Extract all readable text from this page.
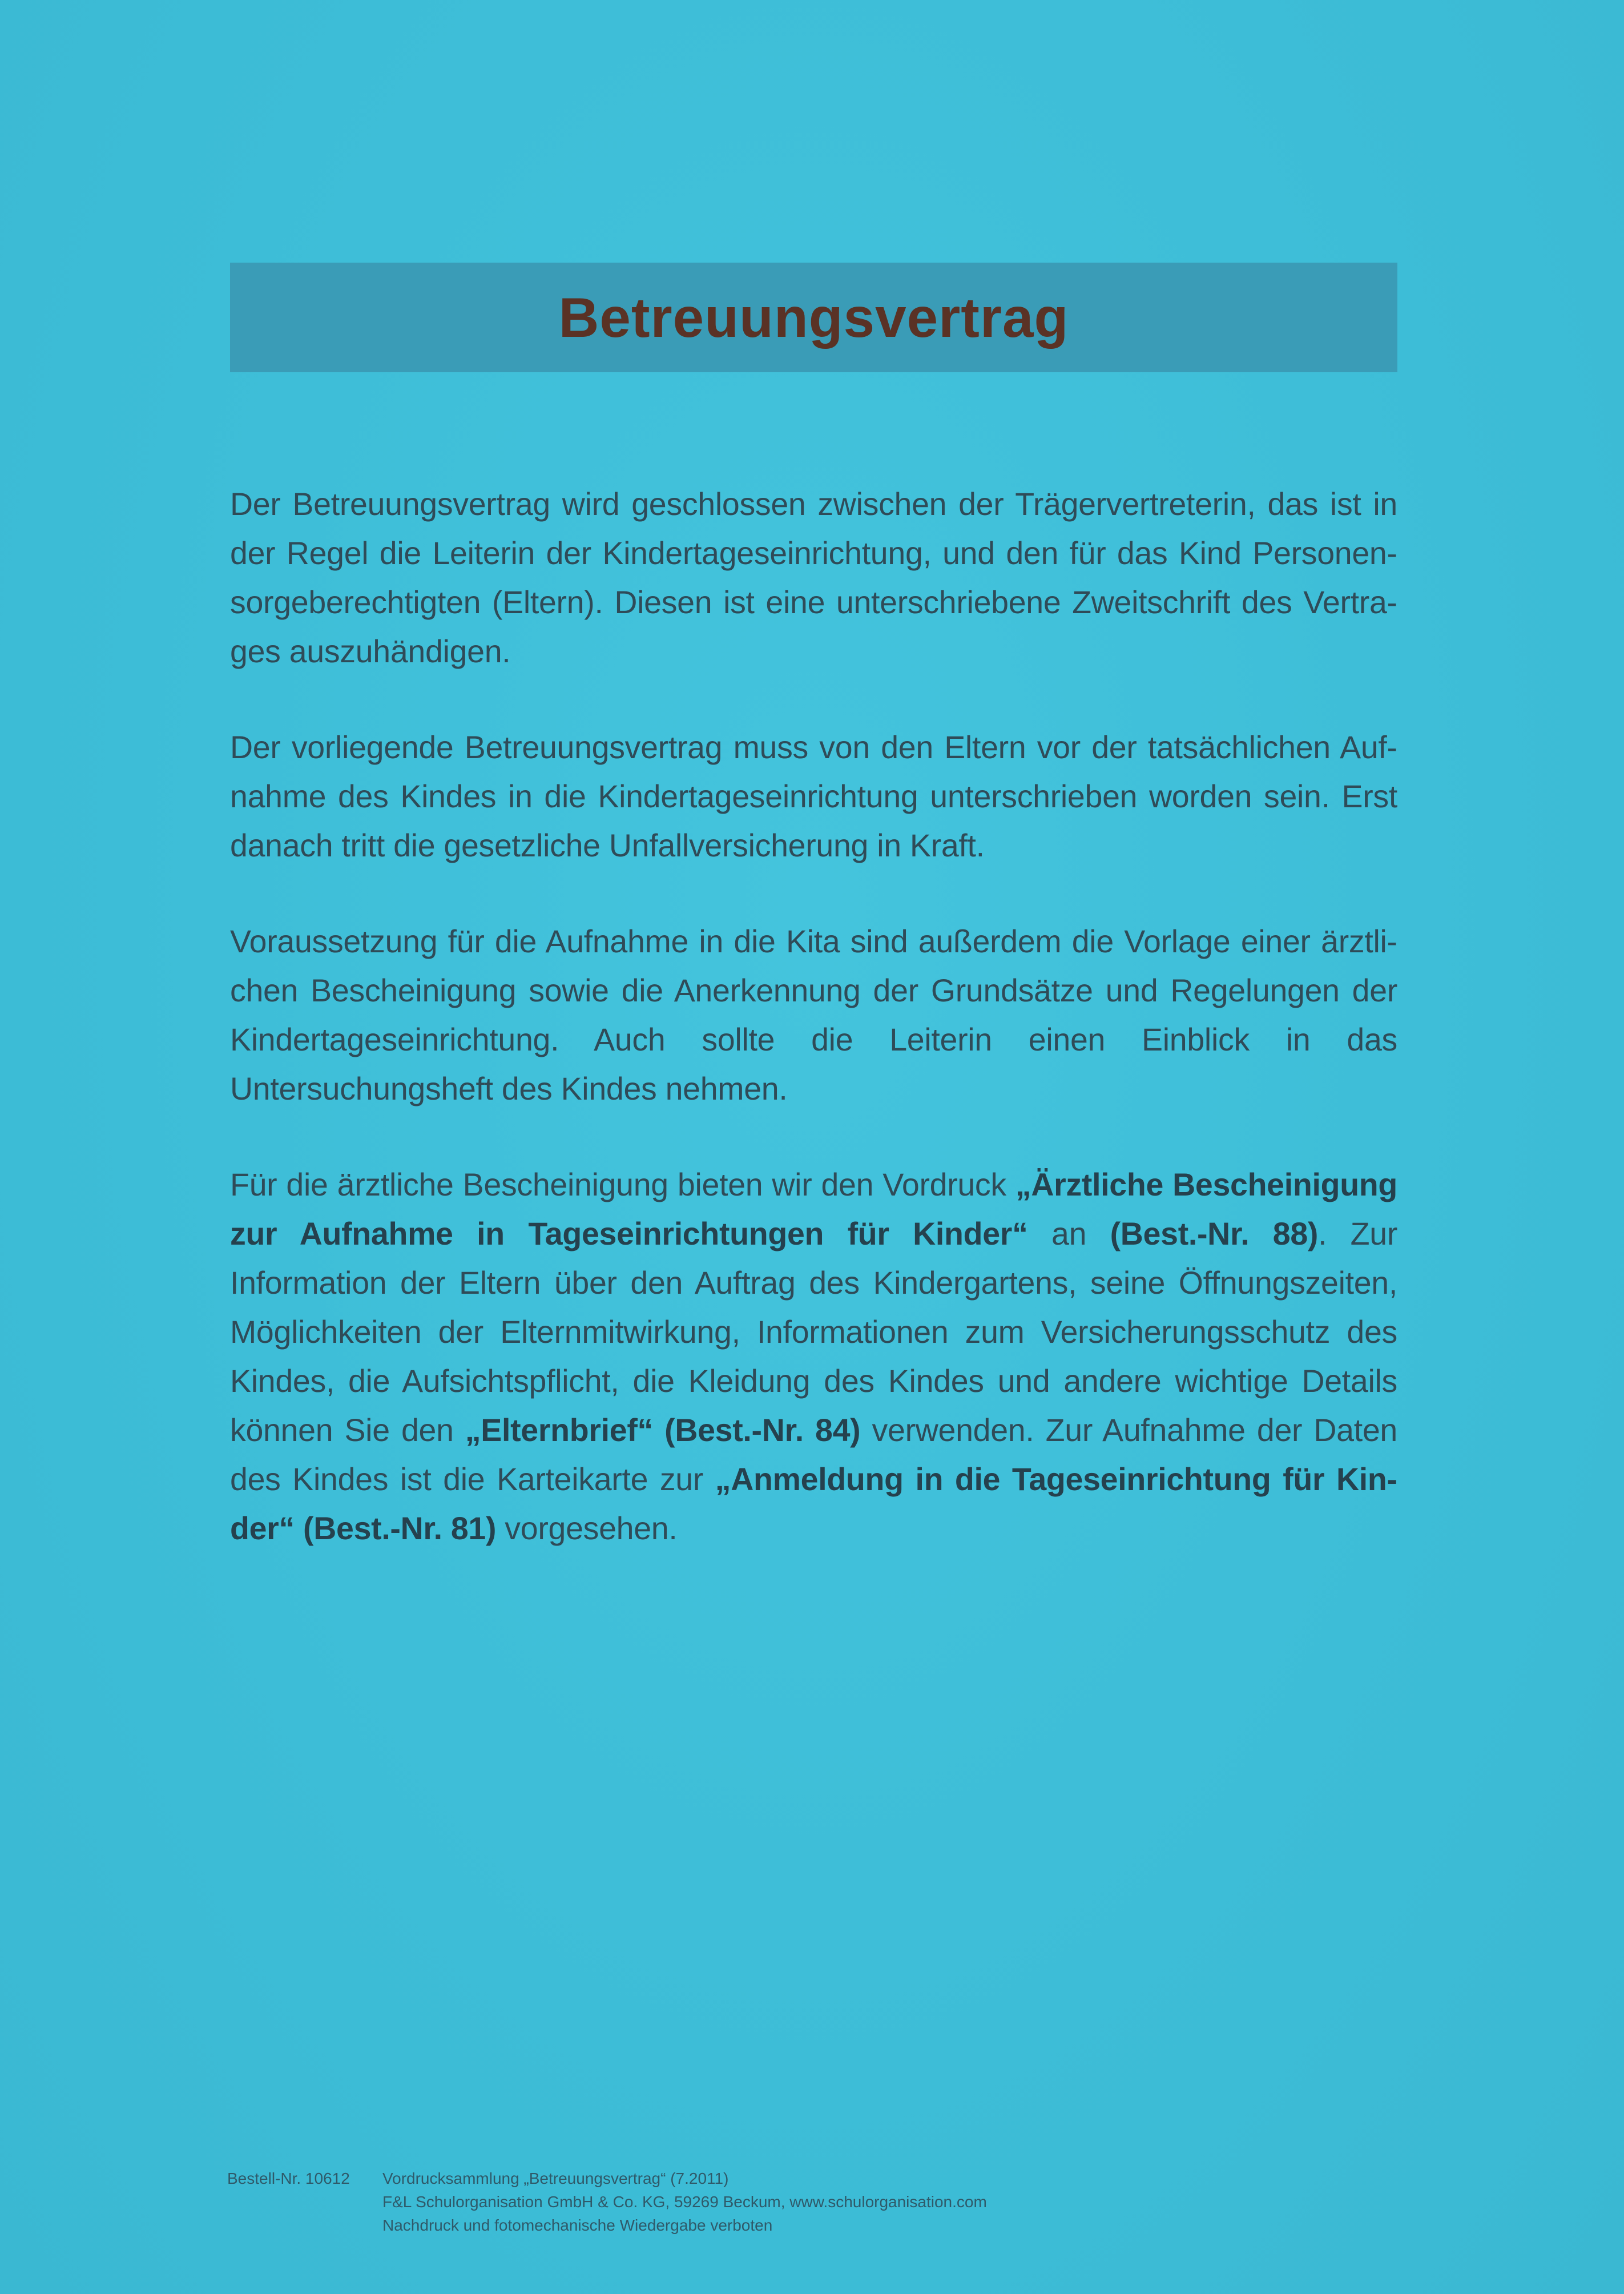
Betreuungsvertrag

Der Betreuungsvertrag wird geschlossen zwischen der Trägervertreterin, das ist in der Regel die Leiterin der Kindertageseinrichtung, und den für das Kind Personensorgeberechtigten (Eltern). Diesen ist eine unterschriebene Zweitschrift des Vertrages auszuhändigen.

Der vorliegende Betreuungsvertrag muss von den Eltern vor der tatsächlichen Aufnahme des Kindes in die Kindertageseinrichtung unterschrieben worden sein. Erst danach tritt die gesetzliche Unfallversicherung in Kraft.

Voraussetzung für die Aufnahme in die Kita sind außerdem die Vorlage einer ärztlichen Bescheinigung sowie die Anerkennung der Grundsätze und Regelungen der Kindertageseinrichtung. Auch sollte die Leiterin einen Einblick in das Untersuchungsheft des Kindes nehmen.

Für die ärztliche Bescheinigung bieten wir den Vordruck „Ärztliche Bescheinigung zur Aufnahme in Tageseinrichtungen für Kinder“ an (Best.-Nr. 88). Zur Information der Eltern über den Auftrag des Kindergartens, seine Öffnungszeiten, Möglichkeiten der Elternmitwirkung, Informationen zum Versicherungsschutz des Kindes, die Aufsichtspflicht, die Kleidung des Kindes und andere wichtige Details können Sie den „Elternbrief“ (Best.-Nr. 84) verwenden. Zur Aufnahme der Daten des Kindes ist die Karteikarte zur „Anmeldung in die Tageseinrichtung für Kinder“ (Best.-Nr. 81) vorgesehen.

Bestell-Nr. 10612	Vordrucksammlung „Betreuungsvertrag“ (7.2011)
F&L Schulorganisation GmbH & Co. KG, 59269 Beckum, www.schulorganisation.com
Nachdruck und fotomechanische Wiedergabe verboten
